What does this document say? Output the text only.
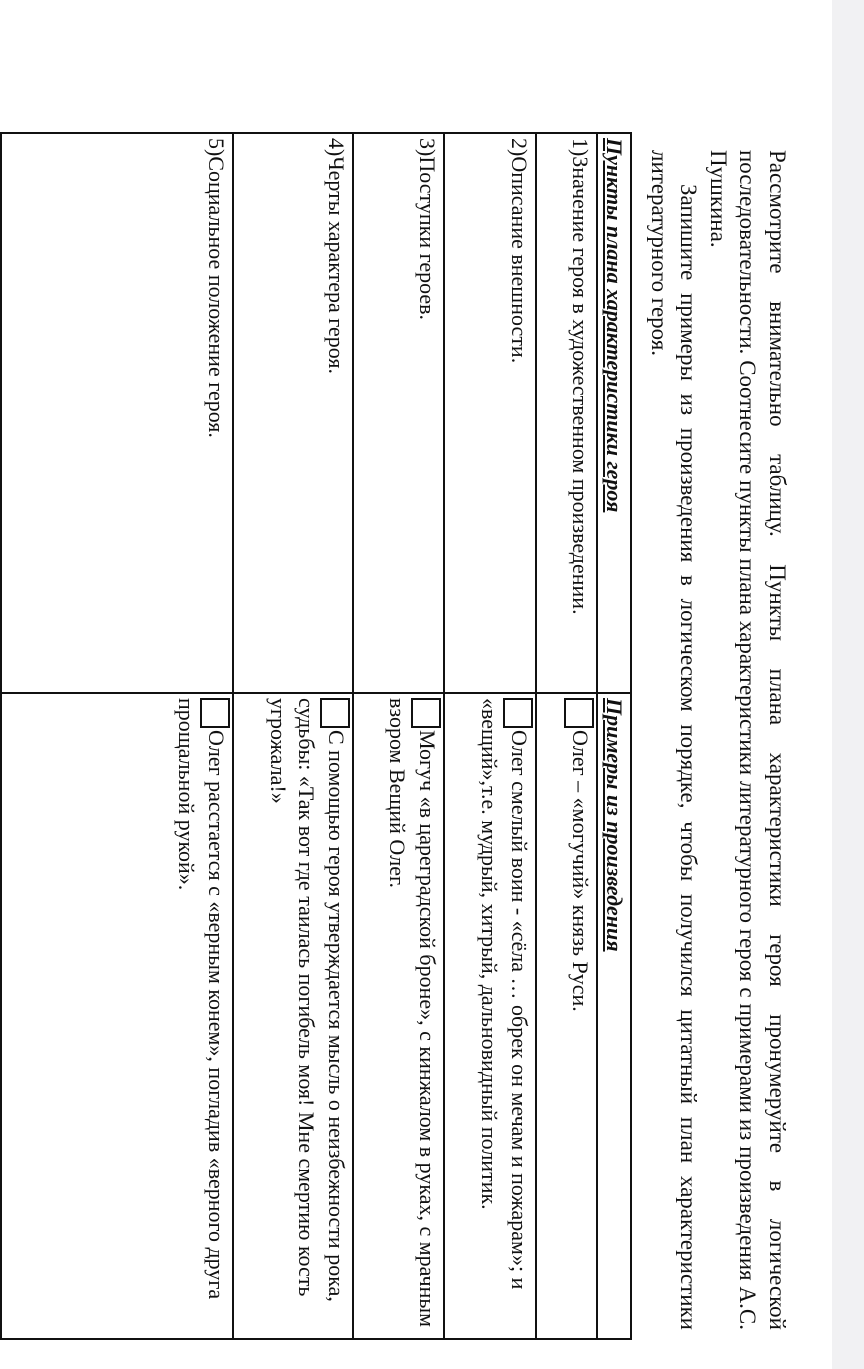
Рассмотрите внимательно таблицу. Пункты плана характеристики героя пронумеруйте в логической последовательности. Соотнесите пункты плана характеристики литературного героя с примерами из произведения А.С. Пушкина.

Запишите примеры из произведения в логическом порядке, чтобы получился цитатный план характеристики литературного героя.

Пункты плана характеристики героя	Примеры из произведения
1)Значение героя в художественном произведении.	Олег – «могучий» князь Руси.
2)Описание внешности.	Олег смелый воин - «сёла … обрек он мечам и пожарам»; и «вещий»,т.е. мудрый, хитрый, дальновидный политик.
3)Поступки героев.	Могуч «в цареградской броне», с кинжалом в руках, с мрачным взором Вещий Олег.
4)Черты характера героя.	С помощью героя утверждается мысль о неизбежности рока, судьбы: «Так вот где таилась погибель моя! Мне смертию кость угрожала!»
5)Социальное положение героя.	Олег расстается с «верным конем», погладив «верного друга прощальной рукой».
